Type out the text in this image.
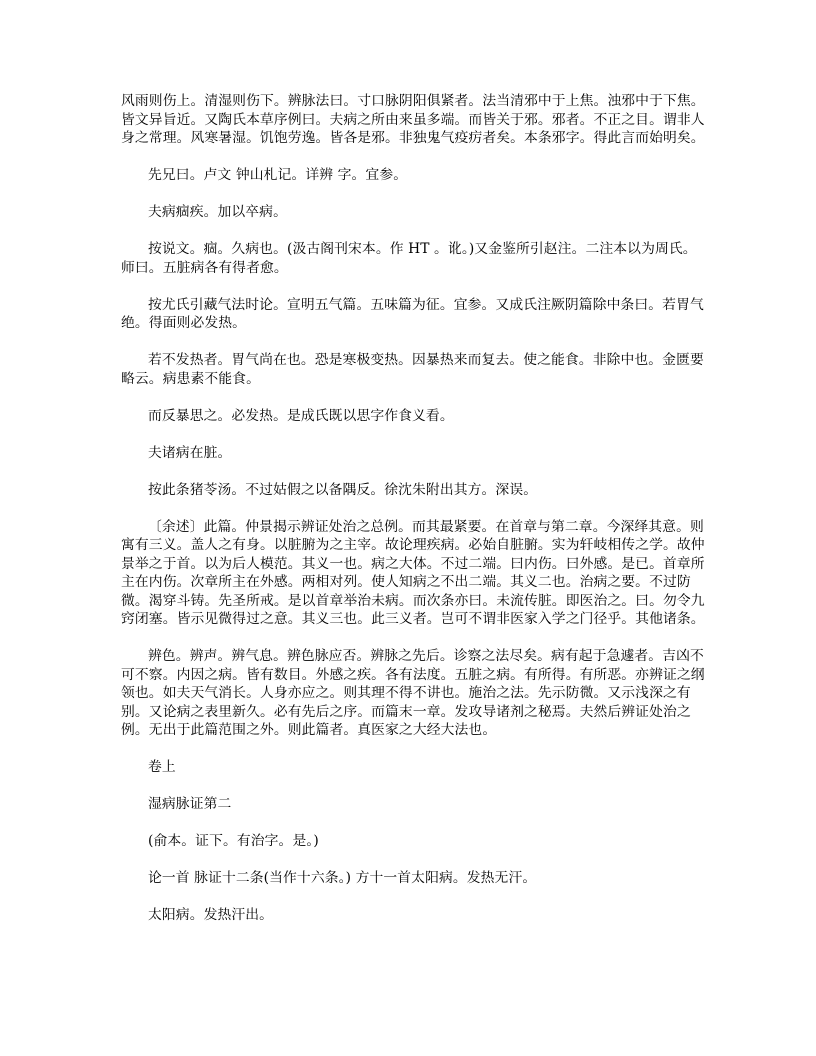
风雨则伤上。清湿则伤下。辨脉法曰。寸口脉阴阳俱紧者。法当清邪中于上焦。浊邪中于下焦。皆文异旨近。又陶氏本草序例曰。夫病之所由来虽多端。而皆关于邪。邪者。不正之目。谓非人身之常理。风寒暑湿。饥饱劳逸。皆各是邪。非独鬼气疫疠者矣。本条邪字。得此言而始明矣。

先兄曰。卢文 钟山札记。详辨 字。宜参。

夫病痼疾。加以卒病。

按说文。痼。久病也。(汲古阁刊宋本。作 HT 。讹。)又金鉴所引赵注。二注本以为周氏。师曰。五脏病各有得者愈。

按尤氏引藏气法时论。宣明五气篇。五味篇为征。宜参。又成氏注厥阴篇除中条曰。若胃气绝。得面则必发热。

若不发热者。胃气尚在也。恐是寒极变热。因暴热来而复去。使之能食。非除中也。金匮要略云。病患素不能食。

而反暴思之。必发热。是成氏既以思字作食义看。

夫诸病在脏。

按此条猪苓汤。不过姑假之以备隅反。徐沈朱附出其方。深误。

〔余述〕此篇。仲景揭示辨证处治之总例。而其最紧要。在首章与第二章。今深绎其意。则寓有三义。盖人之有身。以脏腑为之主宰。故论理疾病。必始自脏腑。实为轩岐相传之学。故仲景举之于首。以为后人模范。其义一也。病之大体。不过二端。曰内伤。曰外感。是已。首章所主在内伤。次章所主在外感。两相对列。使人知病之不出二端。其义二也。治病之要。不过防微。渴穿斗铸。先圣所戒。是以首章举治未病。而次条亦曰。未流传脏。即医治之。曰。勿令九窍闭塞。皆示见微得过之意。其义三也。此三义者。岂可不谓非医家入学之门径乎。其他诸条。

辨色。辨声。辨气息。辨色脉应否。辨脉之先后。诊察之法尽矣。病有起于急遽者。吉凶不可不察。内因之病。皆有数目。外感之疾。各有法度。五脏之病。有所得。有所恶。亦辨证之纲领也。如夫天气消长。人身亦应之。则其理不得不讲也。施治之法。先示防微。又示浅深之有别。又论病之表里新久。必有先后之序。而篇末一章。发攻导诸剂之秘焉。夫然后辨证处治之例。无出于此篇范围之外。则此篇者。真医家之大经大法也。

卷上

湿病脉证第二

(俞本。证下。有治字。是。)

论一首 脉证十二条(当作十六条。) 方十一首太阳病。发热无汗。

太阳病。发热汗出。
